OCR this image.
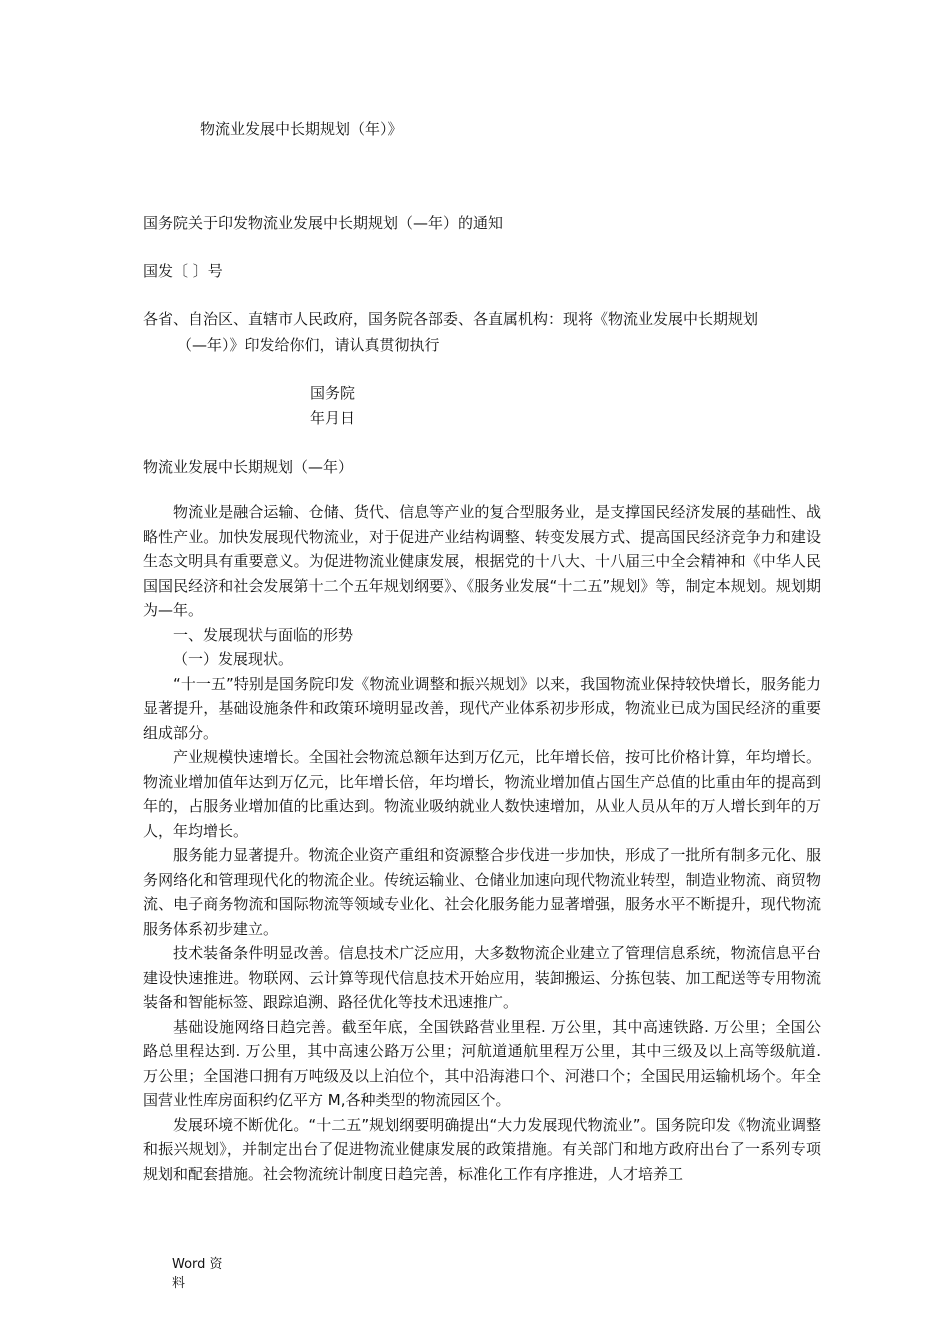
物流业发展中长期规划（年）》
国务院关于印发物流业发展中长期规划（—年）的通知
国发〔 〕号
各省、自治区、直辖市人民政府，国务院各部委、各直属机构：现将《物流业发展中长期规划
（—年）》印发给你们，请认真贯彻执行
国务院
年月日
物流业发展中长期规划（—年）

物流业是融合运输、仓储、货代、信息等产业的复合型服务业，是支撑国民经济发展的基础性、战略性产业。加快发展现代物流业，对于促进产业结构调整、转变发展方式、提高国民经济竞争力和建设生态文明具有重要意义。为促进物流业健康发展，根据党的十八大、十八届三中全会精神和《中华人民国国民经济和社会发展第十二个五年规划纲要》、《服务业发展“十二五”规划》等，制定本规划。规划期为—年。

一、发展现状与面临的形势

（一）发展现状。

“十一五”特别是国务院印发《物流业调整和振兴规划》以来，我国物流业保持较快增长，服务能力显著提升，基础设施条件和政策环境明显改善，现代产业体系初步形成，物流业已成为国民经济的重要组成部分。

产业规模快速增长。全国社会物流总额年达到万亿元，比年增长倍，按可比价格计算，年均增长。物流业增加值年达到万亿元，比年增长倍，年均增长，物流业增加值占国生产总值的比重由年的提高到年的，占服务业增加值的比重达到。物流业吸纳就业人数快速增加，从业人员从年的万人增长到年的万人，年均增长。

服务能力显著提升。物流企业资产重组和资源整合步伐进一步加快，形成了一批所有制多元化、服务网络化和管理现代化的物流企业。传统运输业、仓储业加速向现代物流业转型，制造业物流、商贸物流、电子商务物流和国际物流等领域专业化、社会化服务能力显著增强，服务水平不断提升，现代物流服务体系初步建立。

技术装备条件明显改善。信息技术广泛应用，大多数物流企业建立了管理信息系统，物流信息平台建设快速推进。物联网、云计算等现代信息技术开始应用，装卸搬运、分拣包装、加工配送等专用物流装备和智能标签、跟踪追溯、路径优化等技术迅速推广。

基础设施网络日趋完善。截至年底，全国铁路营业里程. 万公里，其中高速铁路. 万公里；全国公路总里程达到. 万公里，其中高速公路万公里；河航道通航里程万公里，其中三级及以上高等级航道. 万公里；全国港口拥有万吨级及以上泊位个，其中沿海港口个、河港口个；全国民用运输机场个。年全国营业性库房面积约亿平方 M,各种类型的物流园区个。

发展环境不断优化。“十二五”规划纲要明确提出“大力发展现代物流业”。国务院印发《物流业调整和振兴规划》，并制定出台了促进物流业健康发展的政策措施。有关部门和地方政府出台了一系列专项规划和配套措施。社会物流统计制度日趋完善，标准化工作有序推进，人才培养工

Word 资
料
